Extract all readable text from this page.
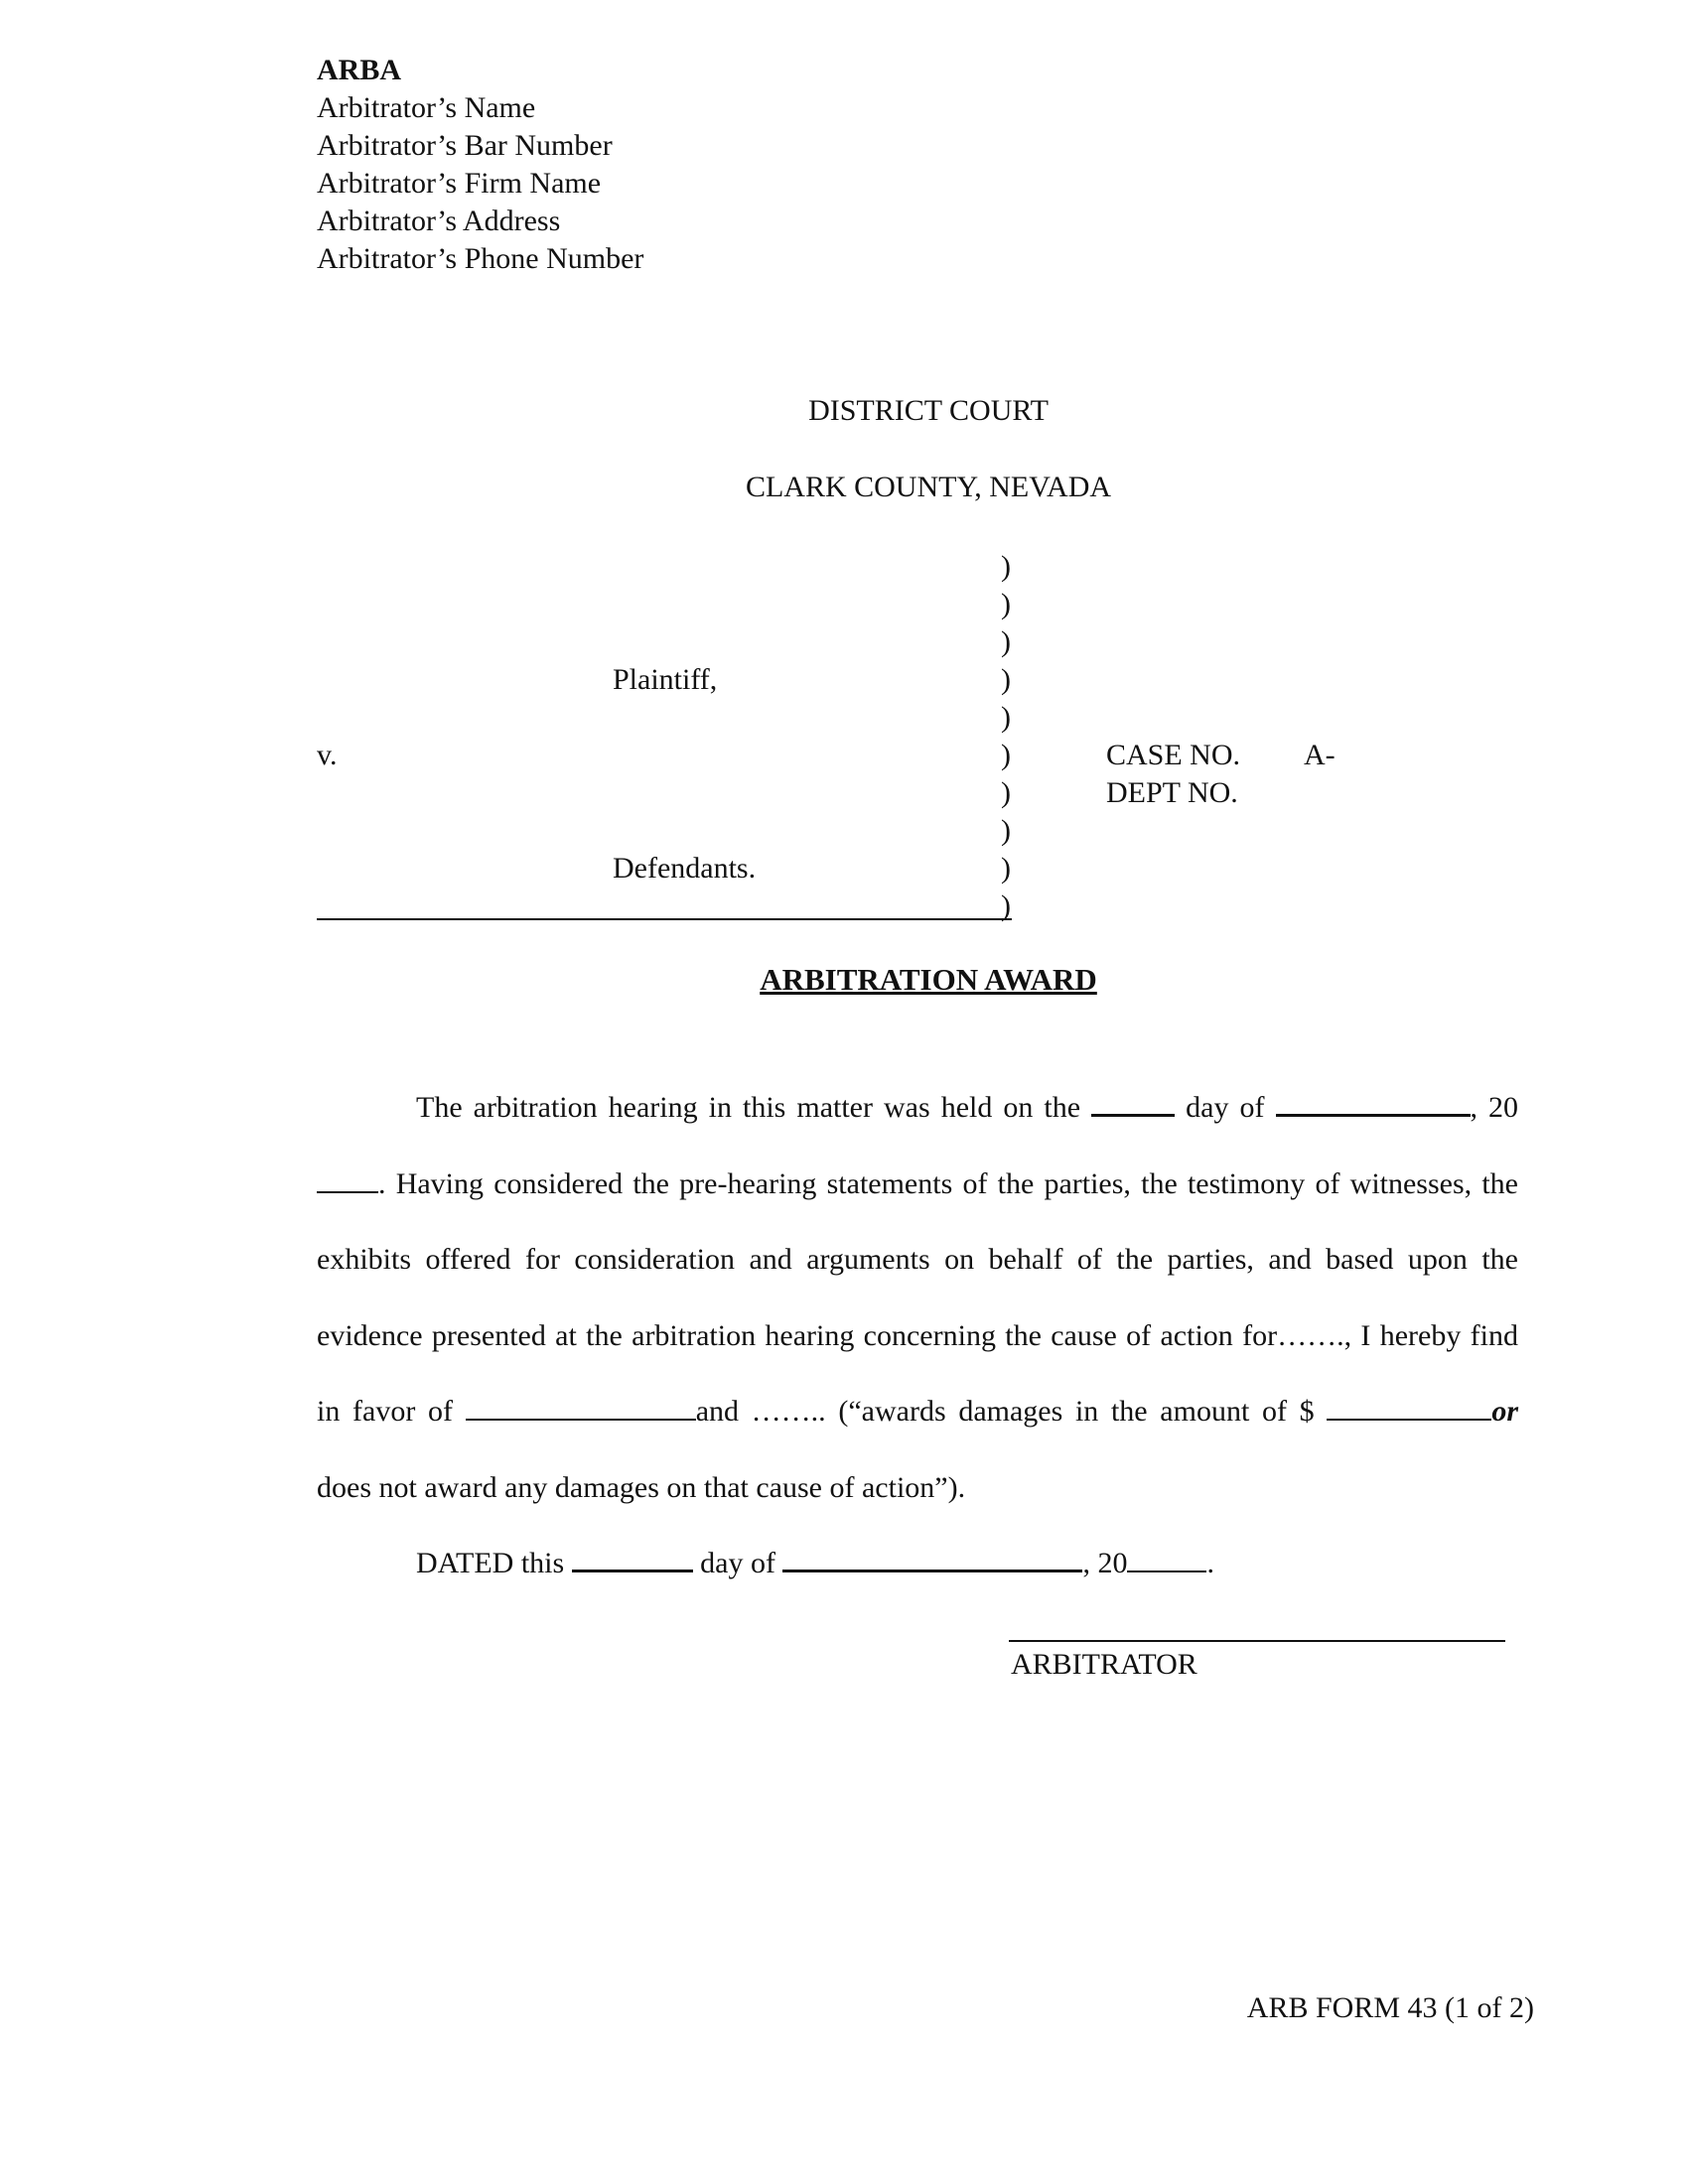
ARBA
Arbitrator’s Name
Arbitrator’s Bar Number
Arbitrator’s Firm Name
Arbitrator’s Address
Arbitrator’s Phone Number
DISTRICT COURT
CLARK COUNTY, NEVADA
)
)
)
)
)
)
)
)
)
)
Plaintiff,
v.
Defendants.
CASE NO. A-
DEPT NO.
ARBITRATION AWARD

The arbitration hearing in this matter was held on the	day of	, 20. Having considered the pre-hearing statements of the parties, the testimony of witnesses, the exhibits offered for consideration and arguments on behalf of the parties, and based upon the evidence presented at the arbitration hearing concerning the cause of action for……., I hereby find in favor of	and …….. (“awards damages in the amount of $	or does not award any damages on that cause of action”).

DATED this	day of	, 20	.

ARBITRATOR
ARB FORM 43 (1 of 2)
